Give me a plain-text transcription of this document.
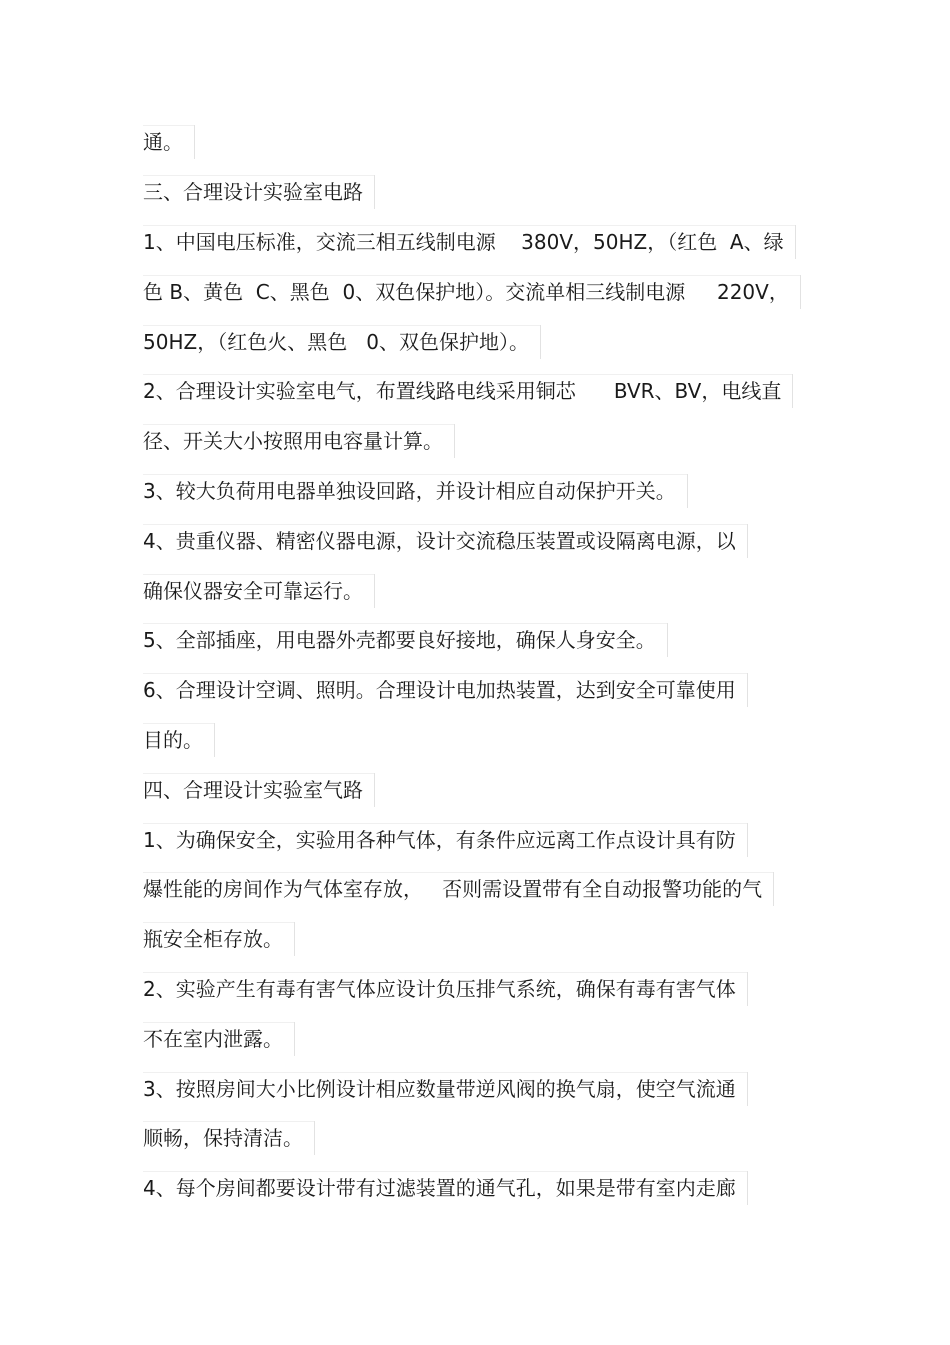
通。
三、合理设计实验室电路
1、中国电压标准，交流三相五线制电源    380V，50HZ，（红色  A、绿
色 B、黄色  C、黑色  0、双色保护地）。交流单相三线制电源     220V，
50HZ，（红色火、黑色   0、双色保护地）。
2、合理设计实验室电气，布置线路电线采用铜芯      BVR、BV，电线直
径、开关大小按照用电容量计算。
3、较大负荷用电器单独设回路，并设计相应自动保护开关。
4、贵重仪器、精密仪器电源，设计交流稳压装置或设隔离电源，以
确保仪器安全可靠运行。
5、全部插座，用电器外壳都要良好接地，确保人身安全。
6、合理设计空调、照明。合理设计电加热装置，达到安全可靠使用
目的。
四、合理设计实验室气路
1、为确保安全，实验用各种气体，有条件应远离工作点设计具有防
爆性能的房间作为气体室存放，   否则需设置带有全自动报警功能的气
瓶安全柜存放。
2、实验产生有毒有害气体应设计负压排气系统，确保有毒有害气体
不在室内泄露。
3、按照房间大小比例设计相应数量带逆风阀的换气扇，使空气流通
顺畅，保持清洁。
4、每个房间都要设计带有过滤装置的通气孔，如果是带有室内走廊
